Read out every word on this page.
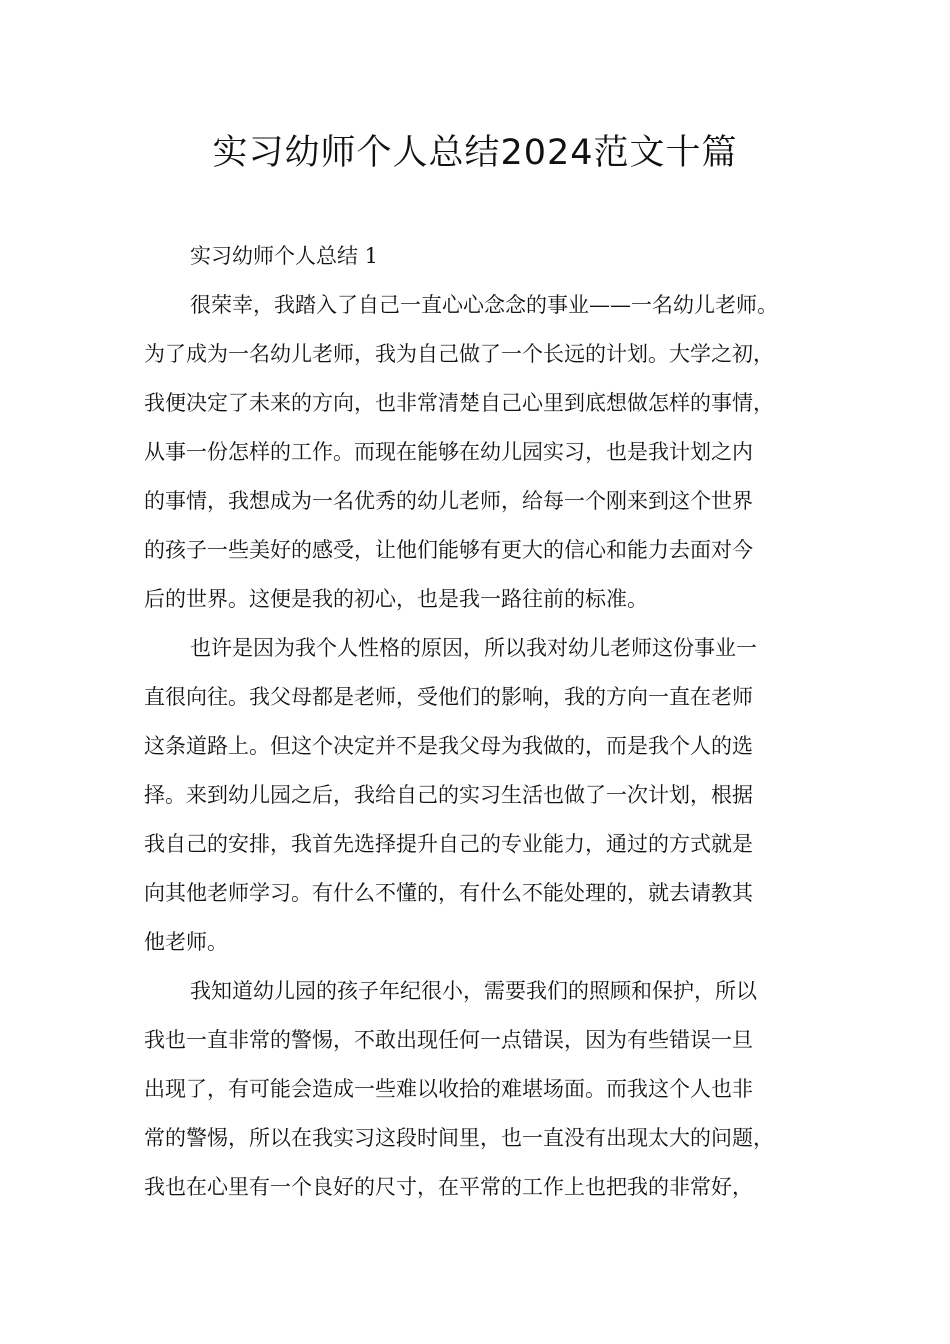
实习幼师个人总结2024范文十篇

实习幼师个人总结 1

很荣幸，我踏入了自己一直心心念念的事业——一名幼儿老师。
为了成为一名幼儿老师，我为自己做了一个长远的计划。大学之初，
我便决定了未来的方向，也非常清楚自己心里到底想做怎样的事情，
从事一份怎样的工作。而现在能够在幼儿园实习，也是我计划之内
的事情，我想成为一名优秀的幼儿老师，给每一个刚来到这个世界
的孩子一些美好的感受，让他们能够有更大的信心和能力去面对今
后的世界。这便是我的初心，也是我一路往前的标准。

也许是因为我个人性格的原因，所以我对幼儿老师这份事业一
直很向往。我父母都是老师，受他们的影响，我的方向一直在老师
这条道路上。但这个决定并不是我父母为我做的，而是我个人的选
择。来到幼儿园之后，我给自己的实习生活也做了一次计划，根据
我自己的安排，我首先选择提升自己的专业能力，通过的方式就是
向其他老师学习。有什么不懂的，有什么不能处理的，就去请教其
他老师。

我知道幼儿园的孩子年纪很小，需要我们的照顾和保护，所以
我也一直非常的警惕，不敢出现任何一点错误，因为有些错误一旦
出现了，有可能会造成一些难以收拾的难堪场面。而我这个人也非
常的警惕，所以在我实习这段时间里，也一直没有出现太大的问题，
我也在心里有一个良好的尺寸，在平常的工作上也把我的非常好，
